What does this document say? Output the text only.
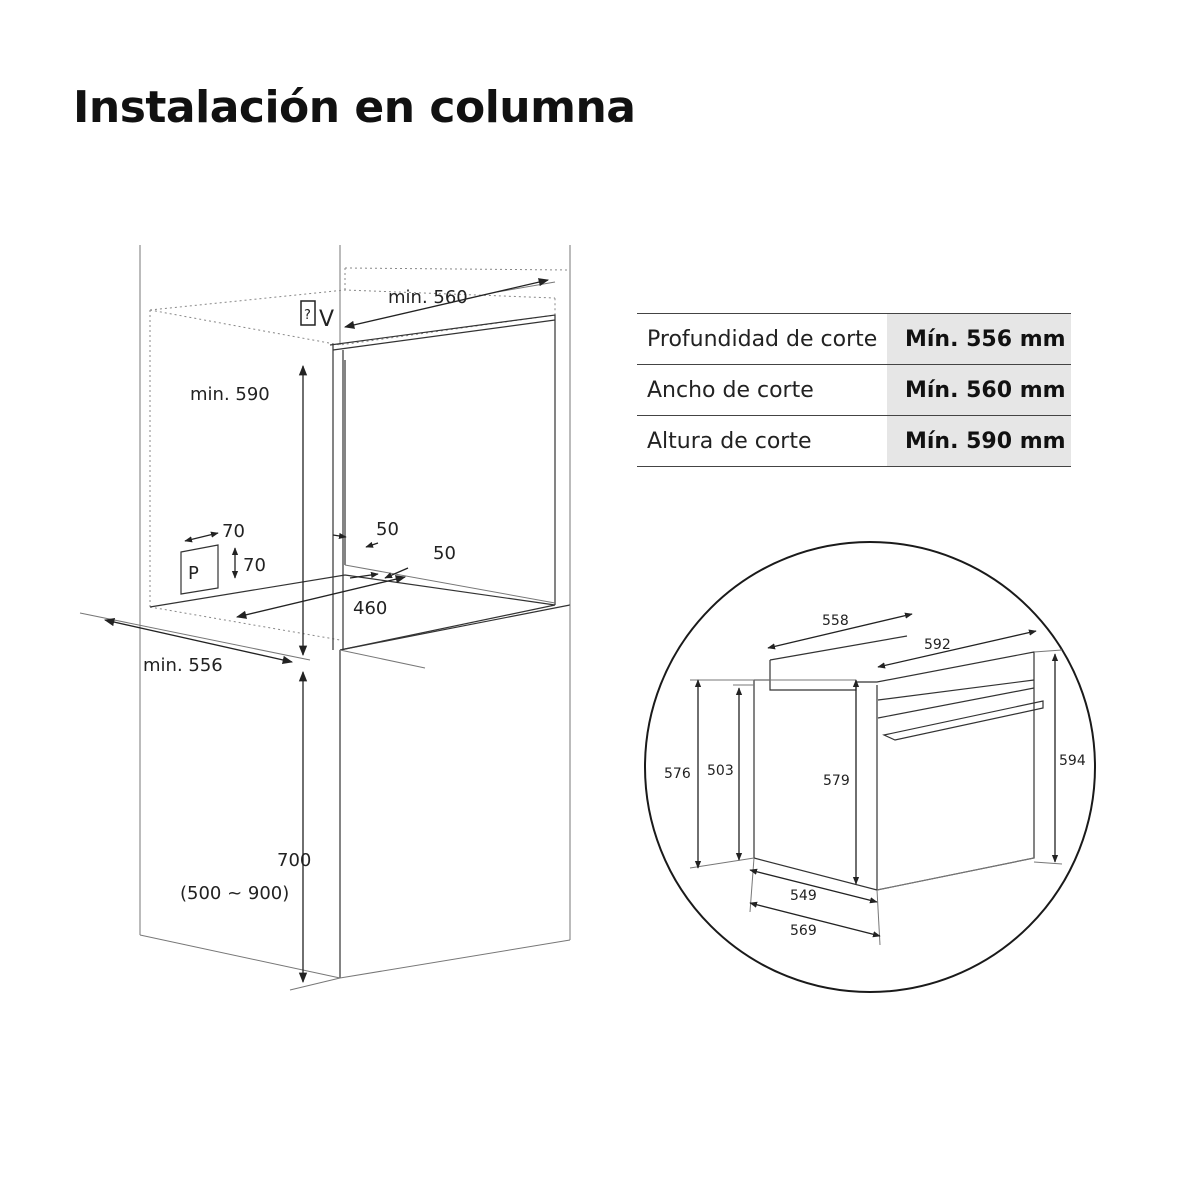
Instalación en columna
P
? V
min. 560
min. 590
min. 556
70
70
50
50
460
700
(500 ~ 900)
558
592
576 503
579
594
549
569
Profundidad de corte	Mín. 556 mm
Ancho de corte	Mín. 560 mm
Altura de corte	Mín. 590 mm
